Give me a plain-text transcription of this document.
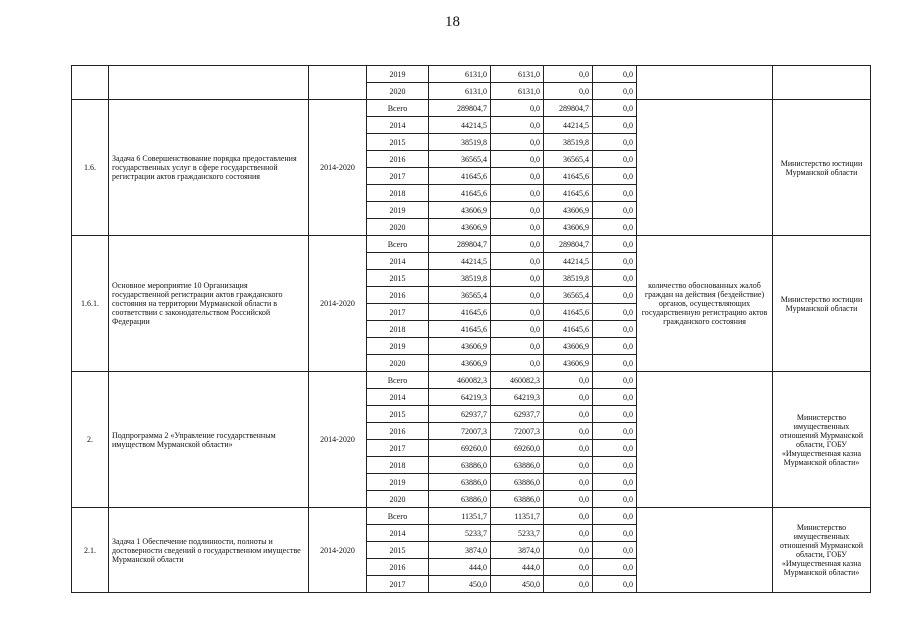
18
			2019	6131,0	6131,0	0,0	0,0		
			2020	6131,0	6131,0	0,0	0,0		
1.6.	Задача 6 Совершенствование порядка предоставления государственных услуг в сфере государственной регистрации актов гражданского состояния	2014-2020	Всего	289804,7	0,0	289804,7	0,0		Министерство юстиции Мурманской области
			2014	44214,5	0,0	44214,5	0,0		
			2015	38519,8	0,0	38519,8	0,0		
			2016	36565,4	0,0	36565,4	0,0		
			2017	41645,6	0,0	41645,6	0,0		
			2018	41645,6	0,0	41645,6	0,0		
			2019	43606,9	0,0	43606,9	0,0		
			2020	43606,9	0,0	43606,9	0,0		
1.6.1.	Основное мероприятие 10 Организация государственной регистрации актов гражданского состояния на территории Мурманской области в соответствии с законодательством Российской Федерации	2014-2020	Всего	289804,7	0,0	289804,7	0,0	количество обоснованных жалоб граждан на действия (бездействие) органов, осуществляющих государственную регистрацию актов гражданского состояния	Министерство юстиции Мурманской области
			2014	44214,5	0,0	44214,5	0,0		
			2015	38519,8	0,0	38519,8	0,0		
			2016	36565,4	0,0	36565,4	0,0		
			2017	41645,6	0,0	41645,6	0,0		
			2018	41645,6	0,0	41645,6	0,0		
			2019	43606,9	0,0	43606,9	0,0		
			2020	43606,9	0,0	43606,9	0,0		
2.	Подпрограмма 2 «Управление государственным имуществом Мурманской области»	2014-2020	Всего	460082,3	460082,3	0,0	0,0		Министерство имущественных отношений Мурманской области, ГОБУ «Имущественная казна Мурманской области»
			2014	64219,3	64219,3	0,0	0,0		
			2015	62937,7	62937,7	0,0	0,0		
			2016	72007,3	72007,3	0,0	0,0		
			2017	69260,0	69260,0	0,0	0,0		
			2018	63886,0	63886,0	0,0	0,0		
			2019	63886,0	63886,0	0,0	0,0		
			2020	63886,0	63886,0	0,0	0,0		
2.1.	Задача 1 Обеспечение подлинности, полноты и достоверности сведений о государственном имуществе Мурманской области	2014-2020	Всего	11351,7	11351,7	0,0	0,0		Министерство имущественных отношений Мурманской области, ГОБУ «Имущественная казна Мурманской области»
			2014	5233,7	5233,7	0,0	0,0		
			2015	3874,0	3874,0	0,0	0,0		
			2016	444,0	444,0	0,0	0,0		
			2017	450,0	450,0	0,0	0,0		
